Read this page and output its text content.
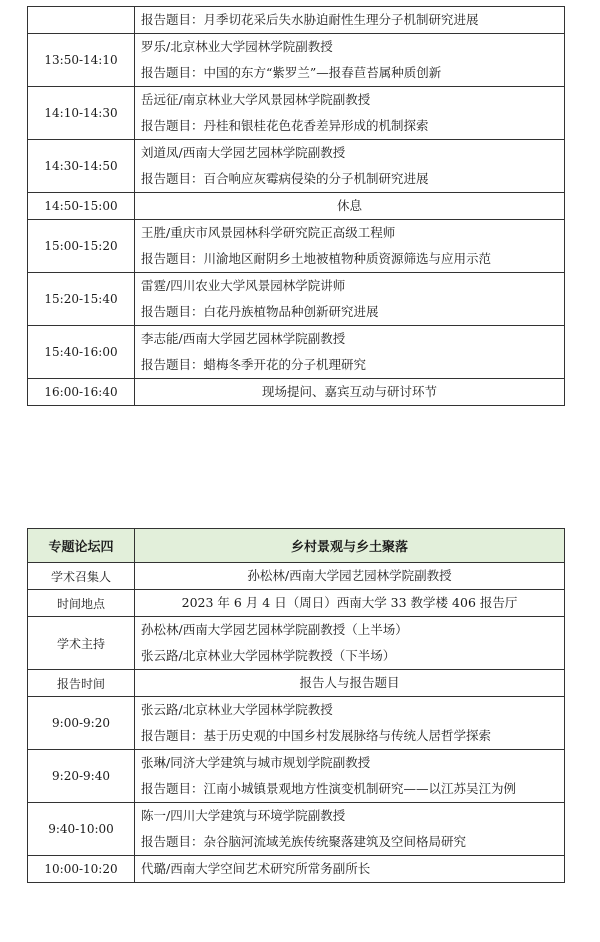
	报告题目：月季切花采后失水胁迫耐性生理分子机制研究进展

13:50-14:10	罗乐/北京林业大学园林学院副教授
报告题目：中国的东方“紫罗兰”—报春苣苔属种质创新

14:10-14:30	岳远征/南京林业大学风景园林学院副教授
报告题目：丹桂和银桂花色花香差异形成的机制探索

14:30-14:50	刘道凤/西南大学园艺园林学院副教授
报告题目：百合响应灰霉病侵染的分子机制研究进展

14:50-15:00	休息

15:00-15:20	王胜/重庆市风景园林科学研究院正高级工程师
报告题目：川渝地区耐阴乡土地被植物种质资源筛选与应用示范

15:20-15:40	雷霆/四川农业大学风景园林学院讲师
报告题目：白花丹族植物品种创新研究进展

15:40-16:00	李志能/西南大学园艺园林学院副教授
报告题目：蜡梅冬季开花的分子机理研究

16:00-16:40	现场提问、嘉宾互动与研讨环节
专题论坛四	乡村景观与乡土聚落
学术召集人	孙松林/西南大学园艺园林学院副教授

时间地点	2023 年 6 月 4 日（周日）西南大学 33 教学楼 406 报告厅

学术主持	孙松林/西南大学园艺园林学院副教授（上半场）
张云路/北京林业大学园林学院教授（下半场）

报告时间	报告人与报告题目

9:00-9:20	张云路/北京林业大学园林学院教授
报告题目：基于历史观的中国乡村发展脉络与传统人居哲学探索

9:20-9:40	张琳/同济大学建筑与城市规划学院副教授
报告题目：江南小城镇景观地方性演变机制研究——以江苏吴江为例

9:40-10:00	陈一/四川大学建筑与环境学院副教授
报告题目：杂谷脑河流域羌族传统聚落建筑及空间格局研究

10:00-10:20	代璐/西南大学空间艺术研究所常务副所长
